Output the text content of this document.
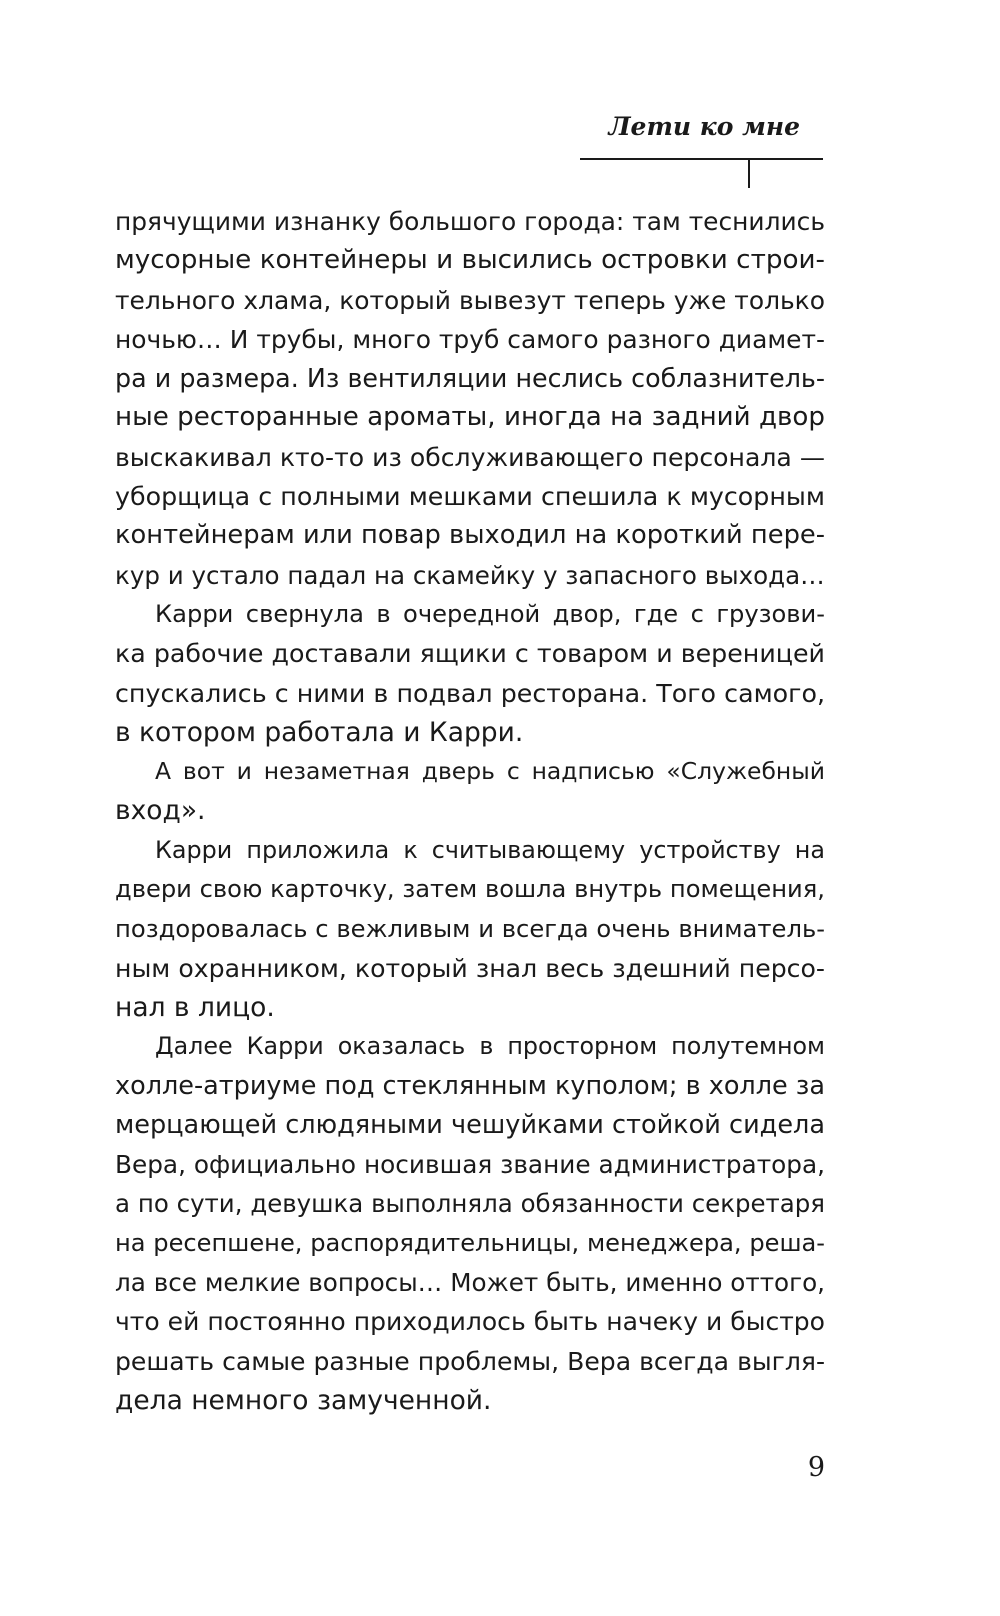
Лети ко мне
прячущими изнанку большого города: там теснились
мусорные контейнеры и высились островки строи-
тельного хлама, который вывезут теперь уже только
ночью… И трубы, много труб самого разного диамет-
ра и размера. Из вентиляции неслись соблазнитель-
ные ресторанные ароматы, иногда на задний двор
выскакивал кто-то из обслуживающего персонала —
уборщица с полными мешками спешила к мусорным
контейнерам или повар выходил на короткий пере-
кур и устало падал на скамейку у запасного выхода…
Карри свернула в очередной двор, где с грузови-
ка рабочие доставали ящики с товаром и вереницей
спускались с ними в подвал ресторана. Того самого,
в котором работала и Карри.
А вот и незаметная дверь с надписью «Служебный
вход».
Карри приложила к считывающему устройству на
двери свою карточку, затем вошла внутрь помещения,
поздоровалась с вежливым и всегда очень вниматель-
ным охранником, который знал весь здешний персо-
нал в лицо.
Далее Карри оказалась в просторном полутемном
холле-атриуме под стеклянным куполом; в холле за
мерцающей слюдяными чешуйками стойкой сидела
Вера, официально носившая звание администратора,
а по сути, девушка выполняла обязанности секретаря
на ресепшене, распорядительницы, менеджера, реша-
ла все мелкие вопросы… Может быть, именно оттого,
что ей постоянно приходилось быть начеку и быстро
решать самые разные проблемы, Вера всегда выгля-
дела немного замученной.
9
